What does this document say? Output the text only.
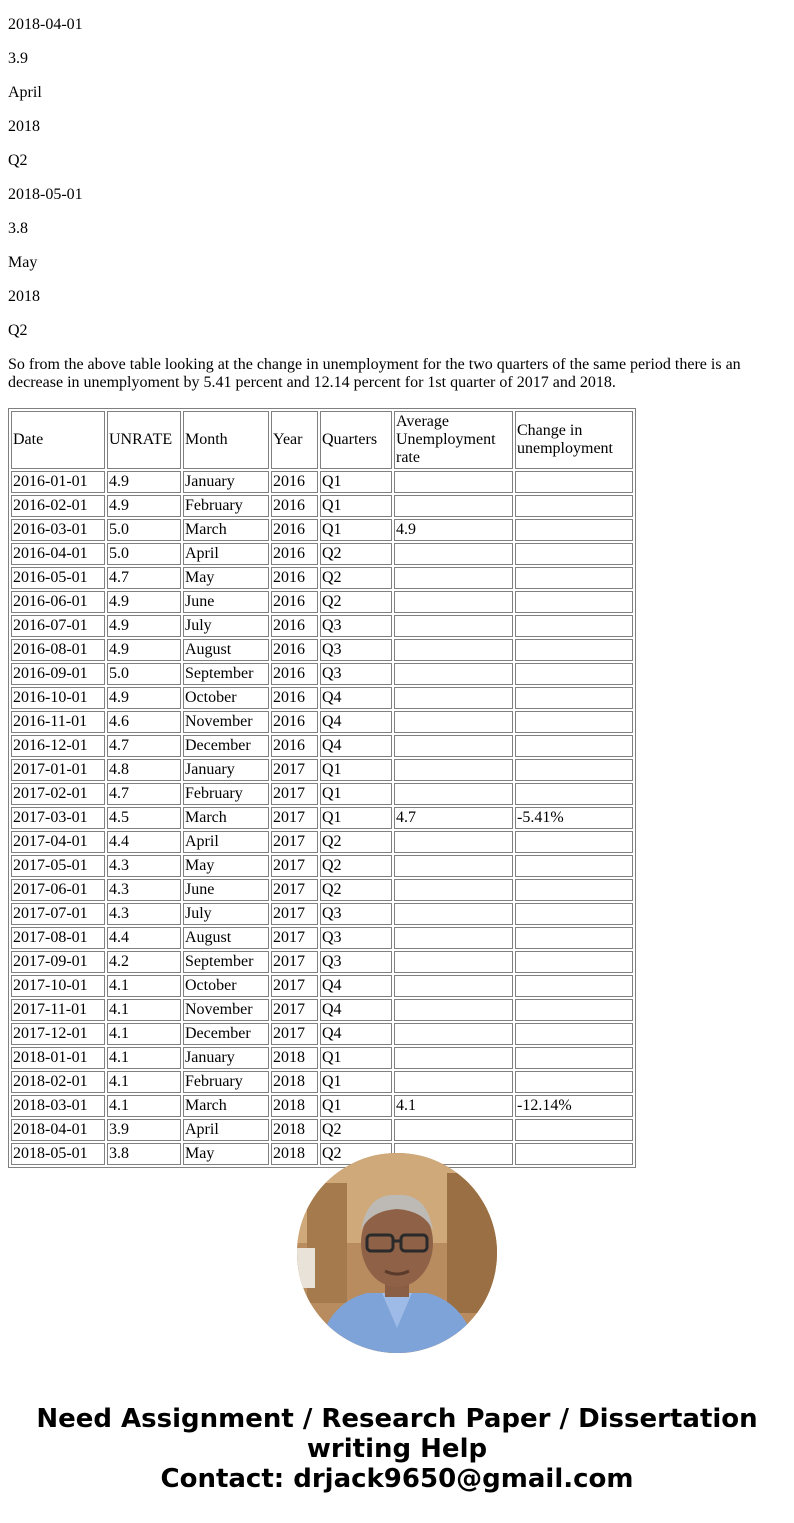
2018-04-01

3.9

April

2018

Q2

2018-05-01

3.8

May

2018

Q2

So from the above table looking at the change in unemployment for the two quarters of the same period there is an decrease in unemplyoment by 5.41 percent and 12.14 percent for 1st quarter of 2017 and 2018.

Date	UNRATE	Month	Year	Quarters	Average Unemployment rate	Change in unemployment
2016-01-01	4.9	January	2016	Q1		
2016-02-01	4.9	February	2016	Q1		
2016-03-01	5.0	March	2016	Q1	4.9	
2016-04-01	5.0	April	2016	Q2		
2016-05-01	4.7	May	2016	Q2		
2016-06-01	4.9	June	2016	Q2		
2016-07-01	4.9	July	2016	Q3		
2016-08-01	4.9	August	2016	Q3		
2016-09-01	5.0	September	2016	Q3		
2016-10-01	4.9	October	2016	Q4		
2016-11-01	4.6	November	2016	Q4		
2016-12-01	4.7	December	2016	Q4		
2017-01-01	4.8	January	2017	Q1		
2017-02-01	4.7	February	2017	Q1		
2017-03-01	4.5	March	2017	Q1	4.7	-5.41%
2017-04-01	4.4	April	2017	Q2		
2017-05-01	4.3	May	2017	Q2		
2017-06-01	4.3	June	2017	Q2		
2017-07-01	4.3	July	2017	Q3		
2017-08-01	4.4	August	2017	Q3		
2017-09-01	4.2	September	2017	Q3		
2017-10-01	4.1	October	2017	Q4		
2017-11-01	4.1	November	2017	Q4		
2017-12-01	4.1	December	2017	Q4		
2018-01-01	4.1	January	2018	Q1		
2018-02-01	4.1	February	2018	Q1		
2018-03-01	4.1	March	2018	Q1	4.1	-12.14%
2018-04-01	3.9	April	2018	Q2		
2018-05-01	3.8	May	2018	Q2		
Need Assignment / Research Paper / Dissertation
writing Help
Contact: drjack9650@gmail.com
